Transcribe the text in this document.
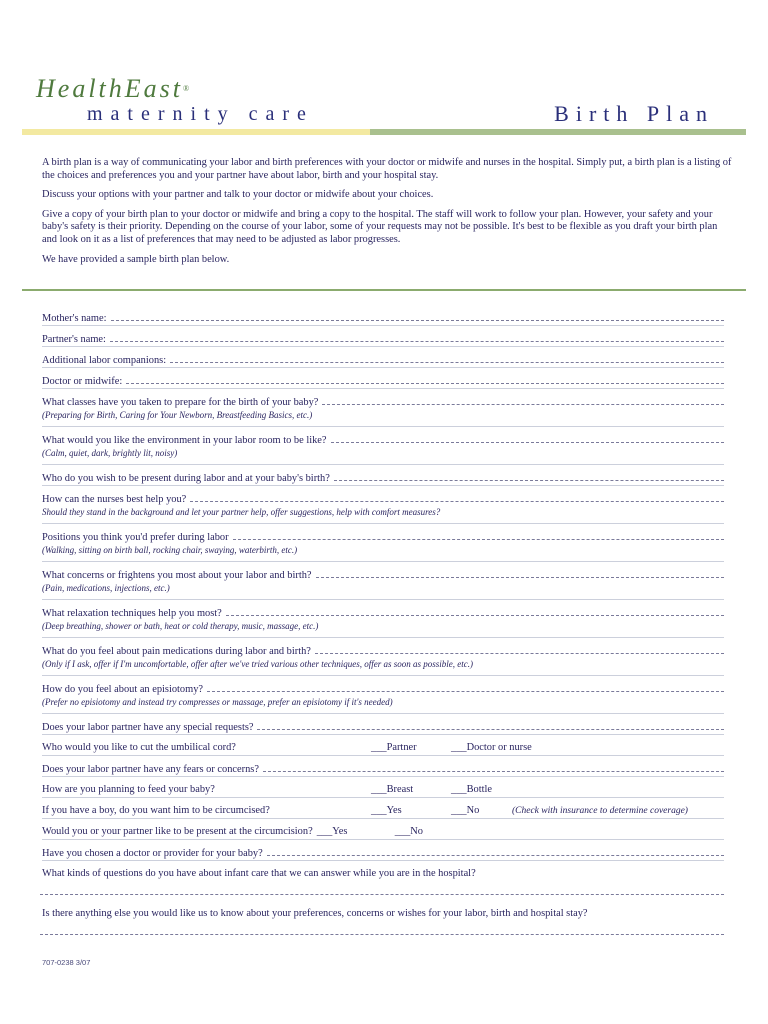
HealthEast®
maternity care	Birth Plan

A birth plan is a way of communicating your labor and birth preferences with your doctor or midwife and nurses in the hospital. Simply put, a birth plan is a listing of the choices and preferences you and your partner have about labor, birth and your hospital stay.

Discuss your options with your partner and talk to your doctor or midwife about your choices.

Give a copy of your birth plan to your doctor or midwife and bring a copy to the hospital. The staff will work to follow your plan. However, your safety and your baby's safety is their priority. Depending on the course of your labor, some of your requests may not be possible. It's best to be flexible as you draft your birth plan and look on it as a list of preferences that may need to be adjusted as labor progresses.

We have provided a sample birth plan below.

Mother's name:
Partner's name:
Additional labor companions:
Doctor or midwife:
What classes have you taken to prepare for the birth of your baby?
(Preparing for Birth, Caring for Your Newborn, Breastfeeding Basics, etc.)
What would you like the environment in your labor room to be like?
(Calm, quiet, dark, brightly lit, noisy)
Who do you wish to be present during labor and at your baby's birth?
How can the nurses best help you?
Should they stand in the background and let your partner help, offer suggestions, help with comfort measures?
Positions you think you'd prefer during labor
(Walking, sitting on birth ball, rocking chair, swaying, waterbirth, etc.)
What concerns or frightens you most about your labor and birth?
(Pain, medications, injections, etc.)
What relaxation techniques help you most?
(Deep breathing, shower or bath, heat or cold therapy, music, massage, etc.)
What do you feel about pain medications during labor and birth?
(Only if I ask, offer if I'm uncomfortable, offer after we've tried various other techniques, offer as soon as possible, etc.)
How do you feel about an episiotomy?
(Prefer no episiotomy and instead try compresses or massage, prefer an episiotomy if it's needed)
Does your labor partner have any special requests?
Who would you like to cut the umbilical cord?	___Partner	___Doctor or nurse
Does your labor partner have any fears or concerns?
How are you planning to feed your baby?	___Breast	___Bottle
If you have a boy, do you want him to be circumcised?	___Yes	___No	(Check with insurance to determine coverage)
Would you or your partner like to be present at the circumcision? ___Yes	___No
Have you chosen a doctor or provider for your baby?
What kinds of questions do you have about infant care that we can answer while you are in the hospital?
Is there anything else you would like us to know about your preferences, concerns or wishes for your labor, birth and hospital stay?
707-0238 3/07
